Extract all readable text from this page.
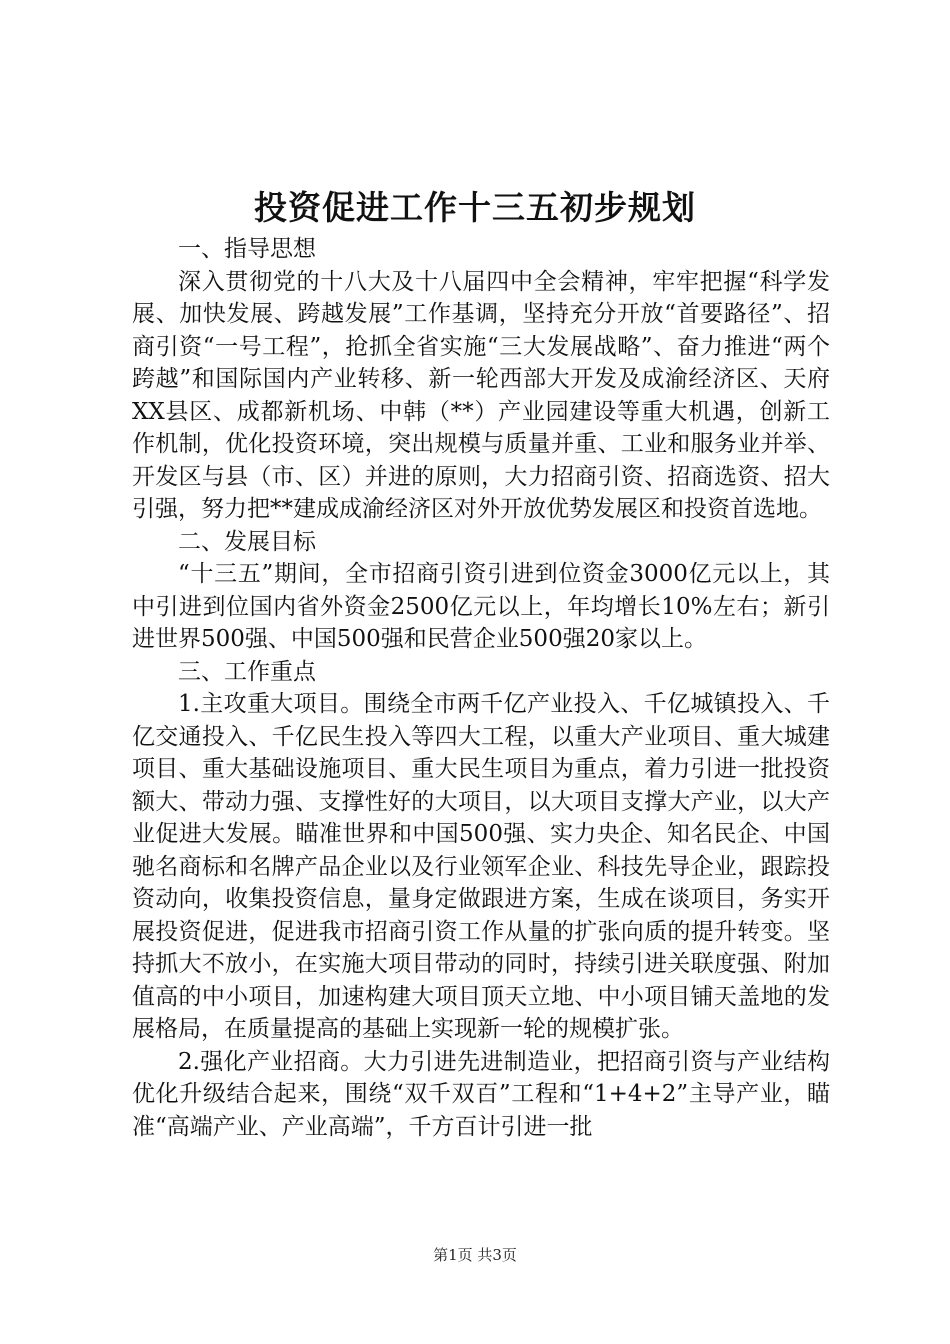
投资促进工作十三五初步规划

一、指导思想

深入贯彻党的十八大及十八届四中全会精神，牢牢把握“科学发展、加快发展、跨越发展”工作基调，坚持充分开放“首要路径”、招商引资“一号工程”，抢抓全省实施“三大发展战略”、奋力推进“两个跨越”和国际国内产业转移、新一轮西部大开发及成渝经济区、天府XX县区、成都新机场、中韩（**）产业园建设等重大机遇，创新工作机制，优化投资环境，突出规模与质量并重、工业和服务业并举、开发区与县（市、区）并进的原则，大力招商引资、招商选资、招大引强，努力把**建成成渝经济区对外开放优势发展区和投资首选地。

二、发展目标

“十三五”期间，全市招商引资引进到位资金3000亿元以上，其中引进到位国内省外资金2500亿元以上，年均增长10%左右；新引进世界500强、中国500强和民营企业500强20家以上。

三、工作重点

1.主攻重大项目。围绕全市两千亿产业投入、千亿城镇投入、千亿交通投入、千亿民生投入等四大工程，以重大产业项目、重大城建项目、重大基础设施项目、重大民生项目为重点，着力引进一批投资额大、带动力强、支撑性好的大项目，以大项目支撑大产业，以大产业促进大发展。瞄准世界和中国500强、实力央企、知名民企、中国驰名商标和名牌产品企业以及行业领军企业、科技先导企业，跟踪投资动向，收集投资信息，量身定做跟进方案，生成在谈项目，务实开展投资促进，促进我市招商引资工作从量的扩张向质的提升转变。坚持抓大不放小，在实施大项目带动的同时，持续引进关联度强、附加值高的中小项目，加速构建大项目顶天立地、中小项目铺天盖地的发展格局，在质量提高的基础上实现新一轮的规模扩张。

2.强化产业招商。大力引进先进制造业，把招商引资与产业结构优化升级结合起来，围绕“双千双百”工程和“1+4+2”主导产业，瞄准“高端产业、产业高端”，千方百计引进一批

第1页 共3页
